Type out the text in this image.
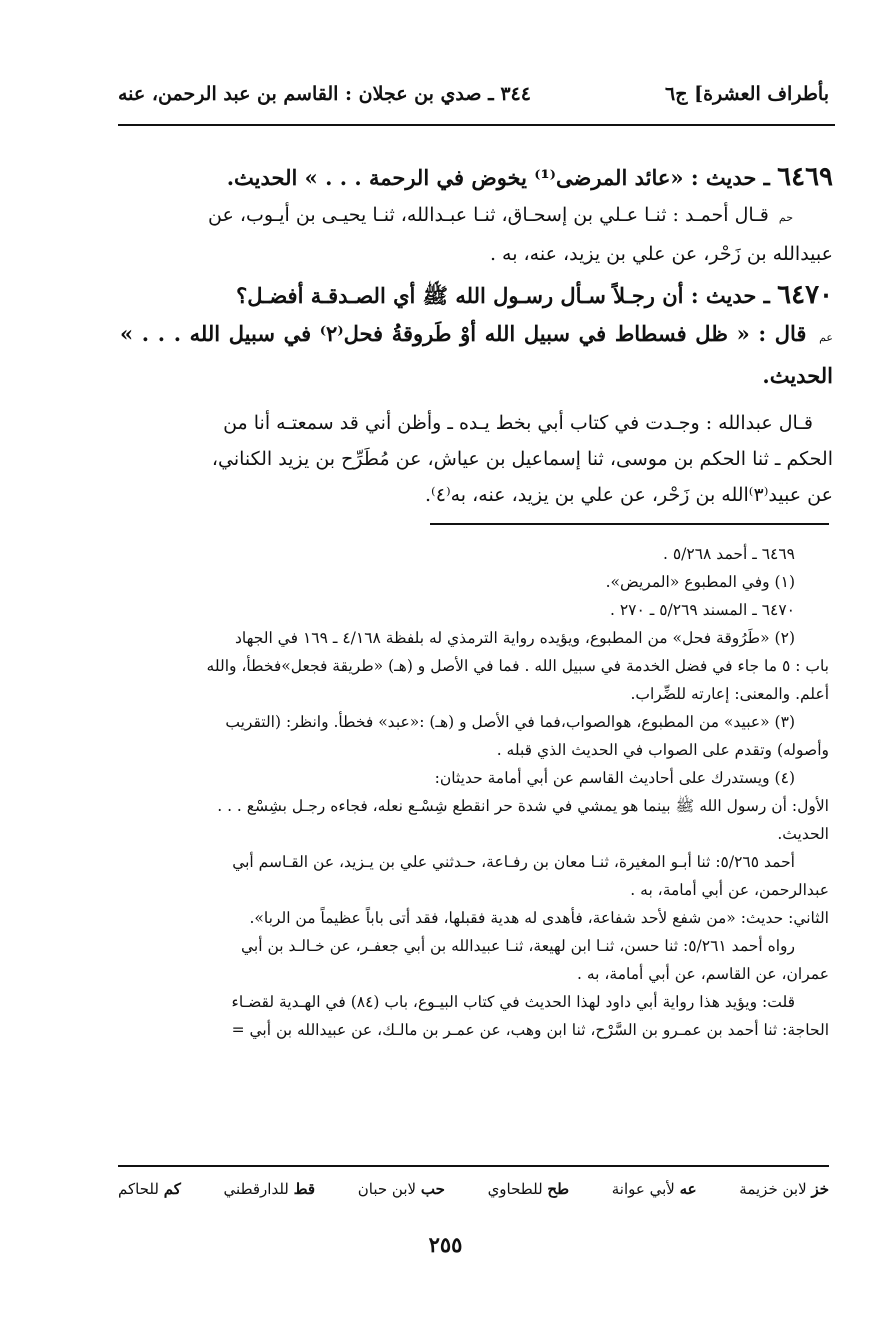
بأطراف العشرة] ج٦
٣٤٤ ـ صدي بن عجلان : القاسم بن عبد الرحمن، عنه
٦٤٦٩ ـ حديث : «عائد المرضى⁽¹⁾ يخوض في الرحمة . . . » الحديث.
حم قـال أحمـد : ثنـا عـلي بن إسحـاق، ثنـا عبـدالله، ثنـا يحيـى بن أيـوب، عن
عبيدالله بن زَحْر، عن علي بن يزيد، عنه، به .
٦٤٧٠ ـ حديث : أن رجـلاً سـأل رسـول الله ﷺ أي الصـدقـة أفضـل؟
عم قال : « ظل فسطاط في سبيل الله أوْ طَروقةُ فحل⁽٢⁾ في سبيل الله . . . » الحديث.
قـال عبدالله : وجـدت في كتاب أبي بخط يـده ـ وأظن أني قد سمعتـه أنا من
الحكم ـ ثنا الحكم بن موسى، ثنا إسماعيل بن عياش، عن مُطَرِّح بن يزيد الكناني،
عن عبيد⁽٣⁾الله بن زَحْر، عن علي بن يزيد، عنه، به⁽٤⁾.

٦٤٦٩ ـ أحمد ٥/٢٦٨ .

(١) وفي المطبوع «المريض».

٦٤٧٠ ـ المسند ٥/٢٦٩ ـ ٢٧٠ .

(٢) «طَرُوقة فحل» من المطبوع، ويؤيده رواية الترمذي له بلفظة ٤/١٦٨ ـ ١٦٩ في الجهاد

باب : ٥ ما جاء في فضل الخدمة في سبيل الله . فما في الأصل و (هـ) «طريقة فجعل»فخطأ، والله

أعلم. والمعنى: إعارته للضِّراب.

(٣) «عبيد» من المطبوع، هوالصواب،فما في الأصل و (هـ) :«عبد» فخطأ. وانظر: (التقريب

وأصوله) وتقدم على الصواب في الحديث الذي قبله .

(٤) ويستدرك على أحاديث القاسم عن أبي أمامة حديثان:

الأول: أن رسول الله ﷺ بينما هو يمشي في شدة حر انقطع شِسْـع نعله، فجاءه رجـل بشِسْع . . .

الحديث.

أحمد ٥/٢٦٥: ثنا أبـو المغيرة، ثنـا معان بن رفـاعة، حـدثني علي بن يـزيد، عن القـاسم أبي

عبدالرحمن، عن أبي أمامة، به .

الثاني: حديث: «من شفع لأحد شفاعة، فأهدى له هدية فقبلها، فقد أتى باباً عظيماً من الربا».

رواه أحمد ٥/٢٦١: ثنا حسن، ثنـا ابن لهيعة، ثنـا عبيدالله بن أبي جعفـر، عن خـالـد بن أبي

عمران، عن القاسم، عن أبي أمامة، به .

قلت: ويؤيد هذا رواية أبي داود لهذا الحديث في كتاب البيـوع، باب (٨٤) في الهـدية لقضـاء

الحاجة: ثنا أحمد بن عمـرو بن السَّرْح، ثنا ابن وهب، عن عمـر بن مالـك، عن عبيدالله بن أبي =

خز لابن خزيمة
عه لأبي عوانة
طح للطحاوي
حب لابن حبان
قط للدارقطني
كم للحاكم
٢٥٥
